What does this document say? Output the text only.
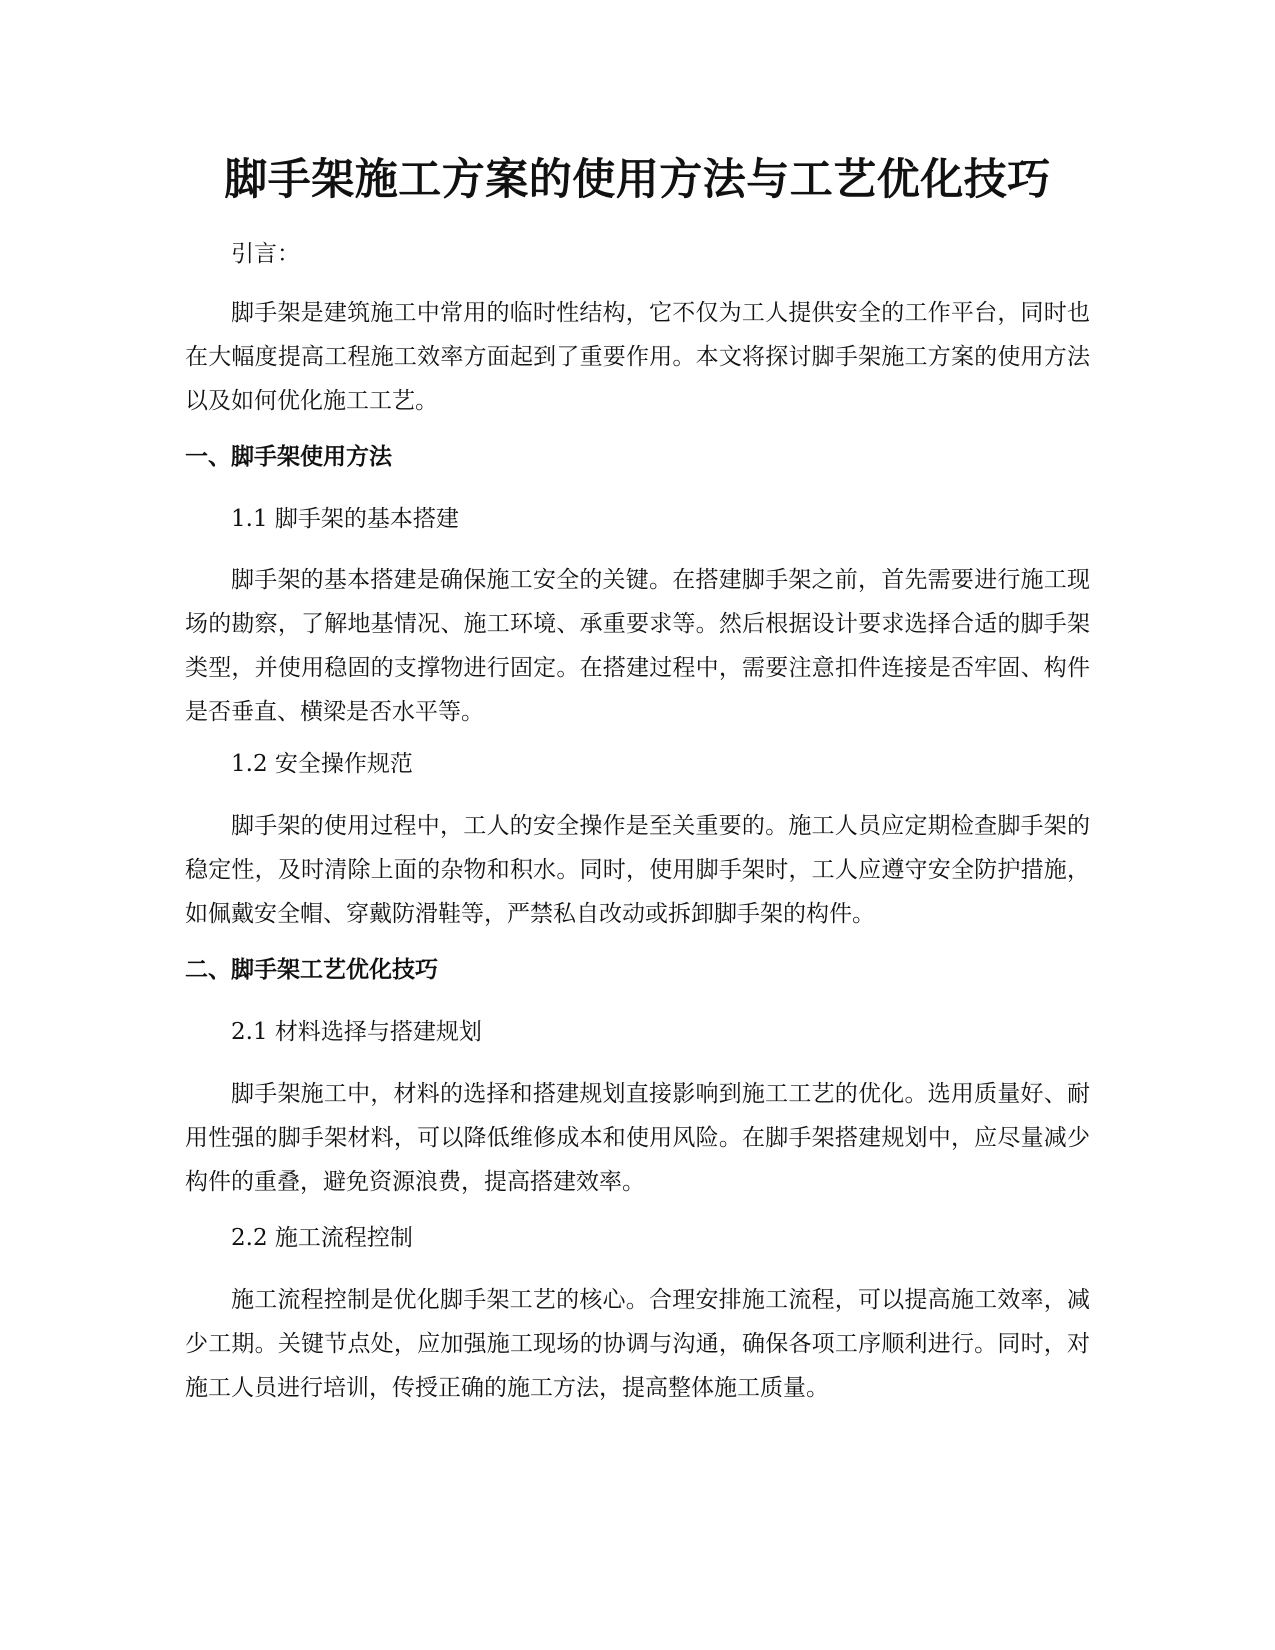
脚手架施工方案的使用方法与工艺优化技巧

引言：

脚手架是建筑施工中常用的临时性结构，它不仅为工人提供安全的工作平台，同时也在大幅度提高工程施工效率方面起到了重要作用。本文将探讨脚手架施工方案的使用方法以及如何优化施工工艺。

一、脚手架使用方法

1.1 脚手架的基本搭建

脚手架的基本搭建是确保施工安全的关键。在搭建脚手架之前，首先需要进行施工现场的勘察，了解地基情况、施工环境、承重要求等。然后根据设计要求选择合适的脚手架类型，并使用稳固的支撑物进行固定。在搭建过程中，需要注意扣件连接是否牢固、构件是否垂直、横梁是否水平等。

1.2 安全操作规范

脚手架的使用过程中，工人的安全操作是至关重要的。施工人员应定期检查脚手架的稳定性，及时清除上面的杂物和积水。同时，使用脚手架时，工人应遵守安全防护措施，如佩戴安全帽、穿戴防滑鞋等，严禁私自改动或拆卸脚手架的构件。

二、脚手架工艺优化技巧

2.1 材料选择与搭建规划

脚手架施工中，材料的选择和搭建规划直接影响到施工工艺的优化。选用质量好、耐用性强的脚手架材料，可以降低维修成本和使用风险。在脚手架搭建规划中，应尽量减少构件的重叠，避免资源浪费，提高搭建效率。

2.2 施工流程控制

施工流程控制是优化脚手架工艺的核心。合理安排施工流程，可以提高施工效率，减少工期。关键节点处，应加强施工现场的协调与沟通，确保各项工序顺利进行。同时，对施工人员进行培训，传授正确的施工方法，提高整体施工质量。
